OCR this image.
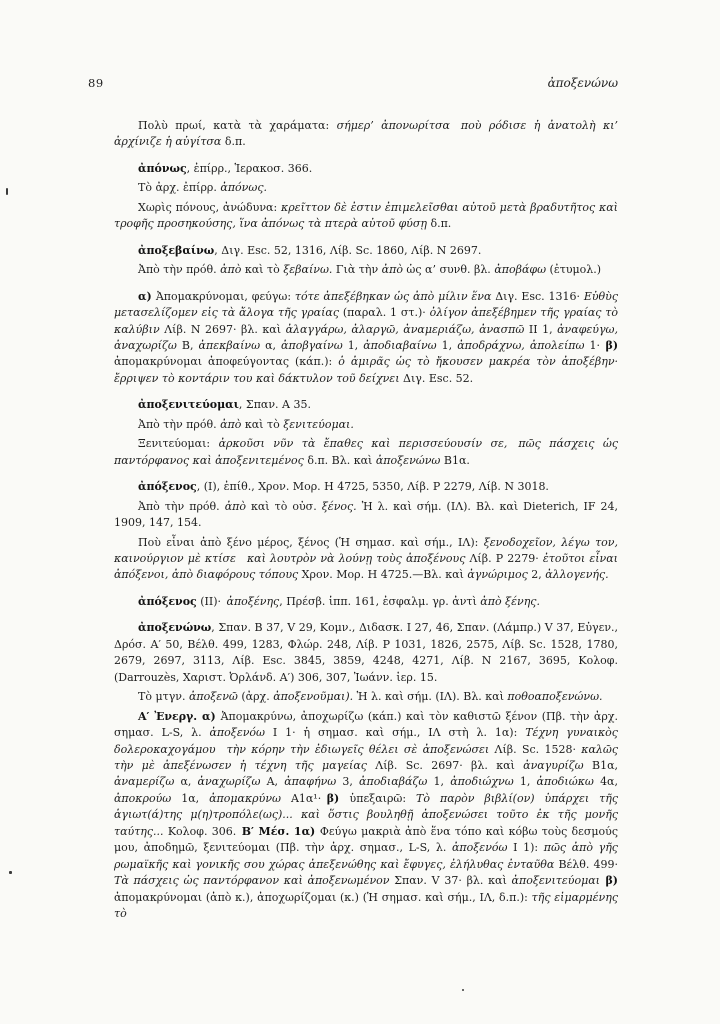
89	ἀποξενώνω

Πολὺ πρωί, κατὰ τὰ χαράματα: σήμερ’ ἀπονωρίτσα ποὺ ρόδισε ἡ ἀνατολὴ κι’ ἀρχίνιζε ἡ αὐγίτσα δ.π.

ἀπόνως, ἐπίρρ., Ἱερακοσ. 366.

Τὸ ἀρχ. ἐπίρρ. ἀπόνως.

Χωρὶς πόνους, ἀνώδυνα: κρεῖττον δὲ ἐστιν ἐπιμελεῖσθαι αὐτοῦ μετὰ βραδυτῆτος καὶ τροφῆς προσηκούσης, ἵνα ἀπόνως τὰ πτερὰ αὐτοῦ φύσῃ δ.π.

ἀποξεβαίνω, Διγ. Esc. 52, 1316, Λίβ. Sc. 1860, Λίβ. N 2697.

Ἀπὸ τὴν πρόθ. ἀπὸ καὶ τὸ ξεβαίνω. Γιὰ τὴν ἀπὸ ὡς α’ συνθ. βλ. ἀποβάφω (ἐτυμολ.)

α) Ἀπομακρύνομαι, φεύγω: τότε ἀπεξέβηκαν ὡς ἀπὸ μίλιν ἕνα Διγ. Esc. 1316· Εὐθὺς μετασελίζομεν εἰς τὰ ἄλογα τῆς γραίας (παραλ. 1 στ.)· ὀλίγον ἀπεξέβημεν τῆς γραίας τὸ καλύβιν Λίβ. N 2697· βλ. καὶ ἀλαγγάρω, ἀλαργῶ, ἀναμεριάζω, ἀνασπῶ II 1, ἀναφεύγω, ἀναχωρίζω Β, ἀπεκβαίνω α, ἀποβγαίνω 1, ἀποδιαβαίνω 1, ἀποδράχνω, ἀπολείπω 1· β) ἀπομακρύνομαι ἀποφεύγοντας (κάπ.): ὁ ἀμιρᾶς ὡς τὸ ἤκουσεν μακρέα τὸν ἀποξέβην· ἔρριψεν τὸ κοντάριν του καὶ δάκτυλον τοῦ δείχνει Διγ. Esc. 52.

ἀποξενιτεύομαι, Σπαν. Α 35.

Ἀπὸ τὴν πρόθ. ἀπὸ καὶ τὸ ξενιτεύομαι.

Ξενιτεύομαι: ἀρκοῦσι νῦν τὰ ἔπαθες καὶ περισσεύουσίν σε, πῶς πάσχεις ὡς παντόρφανος καὶ ἀποξενιτεμένος δ.π. Βλ. καὶ ἀποξενώνω Β1α.

ἀπόξενος, (I), ἐπίθ., Χρον. Μορ. Η 4725, 5350, Λίβ. P 2279, Λίβ. N 3018.

Ἀπὸ τὴν πρόθ. ἀπὸ καὶ τὸ οὐσ. ξένος. Ἡ λ. καὶ σήμ. (ΙΛ). Βλ. καὶ Dieterich, IF 24, 1909, 147, 154.

Ποὺ εἶναι ἀπὸ ξένο μέρος, ξένος (Ἡ σημασ. καὶ σήμ., ΙΛ): ξενοδοχεῖον, λέγω τον, καινούργιον μὲ κτίσε καὶ λουτρὸν νὰ λούνῃ τοὺς ἀποξένους Λίβ. P 2279· ἐτοῦτοι εἶναι ἀπόξενοι, ἀπὸ διαφόρους τόπους Χρον. Μορ. Η 4725.—Βλ. καὶ ἀγνώριμος 2, ἀλλογενής.

ἀπόξενος (II)· ἀποξένης, Πρέσβ. ἱππ. 161, ἐσφαλμ. γρ. ἀντὶ ἀπὸ ξένης.

ἀποξενώνω, Σπαν. Β 37, V 29, Κομν., Διδασκ. Ι 27, 46, Σπαν. (Λάμπρ.) V 37, Εὐγεν., Δρόσ. Α′ 50, Βέλθ. 499, 1283, Φλώρ. 248, Λίβ. P 1031, 1826, 2575, Λίβ. Sc. 1528, 1780, 2679, 2697, 3113, Λίβ. Esc. 3845, 3859, 4248, 4271, Λίβ. N 2167, 3695, Κολοφ. (Darrouzès, Χαριστ. Ὀρλάνδ. Α′) 306, 307, Ἰωάνν. ἱερ. 15.

Τὸ μτγν. ἀποξενῶ (ἀρχ. ἀποξενοῦμαι). Ἡ λ. καὶ σήμ. (ΙΛ). Βλ. καὶ ποθοαποξενώνω.

Α′ Ἐνεργ. α) Ἀπομακρύνω, ἀποχωρίζω (κάπ.) καὶ τὸν καθιστῶ ξένον (Πβ. τὴν ἀρχ. σημασ. L-S, λ. ἀποξενόω I 1· ἡ σημασ. καὶ σήμ., ΙΛ στὴ λ. 1α): Τέχνη γυναικὸς δολεροκαχογάμου τὴν κόρην τὴν ἐδιωγεῖς θέλει σὲ ἀποξενώσει Λίβ. Sc. 1528· καλῶς τὴν μὲ ἀπεξένωσεν ἡ τέχνη τῆς μαγείας Λίβ. Sc. 2697· βλ. καὶ ἀναγυρίζω Β1α, ἀναμερίζω α, ἀναχωρίζω Α, ἀπαφήνω 3, ἀποδιαβάζω 1, ἀποδιώχνω 1, ἀποδιώκω 4α, ἀποκρούω 1α, ἀπομακρύνω Α1α¹· β) ὑπεξαιρῶ: Τὸ παρὸν βιβλί(ον) ὑπάρχει τῆς ἁγιωτ(ά)της μ(η)τροπόλε(ως)... καὶ ὅστις βουληθῇ ἀποξενώσει τοῦτο ἐκ τῆς μονῆς ταύτης... Κολοφ. 306. Β′ Μέσ. 1α) Φεύγω μακριὰ ἀπὸ ἕνα τόπο καὶ κόβω τοὺς δεσμούς μου, ἀποδημῶ, ξενιτεύομαι (Πβ. τὴν ἀρχ. σημασ., L-S, λ. ἀποξενόω I 1): πῶς ἀπὸ γῆς ρωμαϊκῆς καὶ γονικῆς σου χώρας ἀπεξενώθης καὶ ἔφυγες, ἐλήλυθας ἐνταῦθα Βέλθ. 499· Τὰ πάσχεις ὡς παντόρφανον καὶ ἀποξενωμένον Σπαν. V 37· βλ. καὶ ἀποξενιτεύομαι β) ἀπομακρύνομαι (ἀπὸ κ.), ἀποχωρίζομαι (κ.) (Ἡ σημασ. καὶ σήμ., ΙΛ, δ.π.): τῆς εἱμαρμένης τὸ
